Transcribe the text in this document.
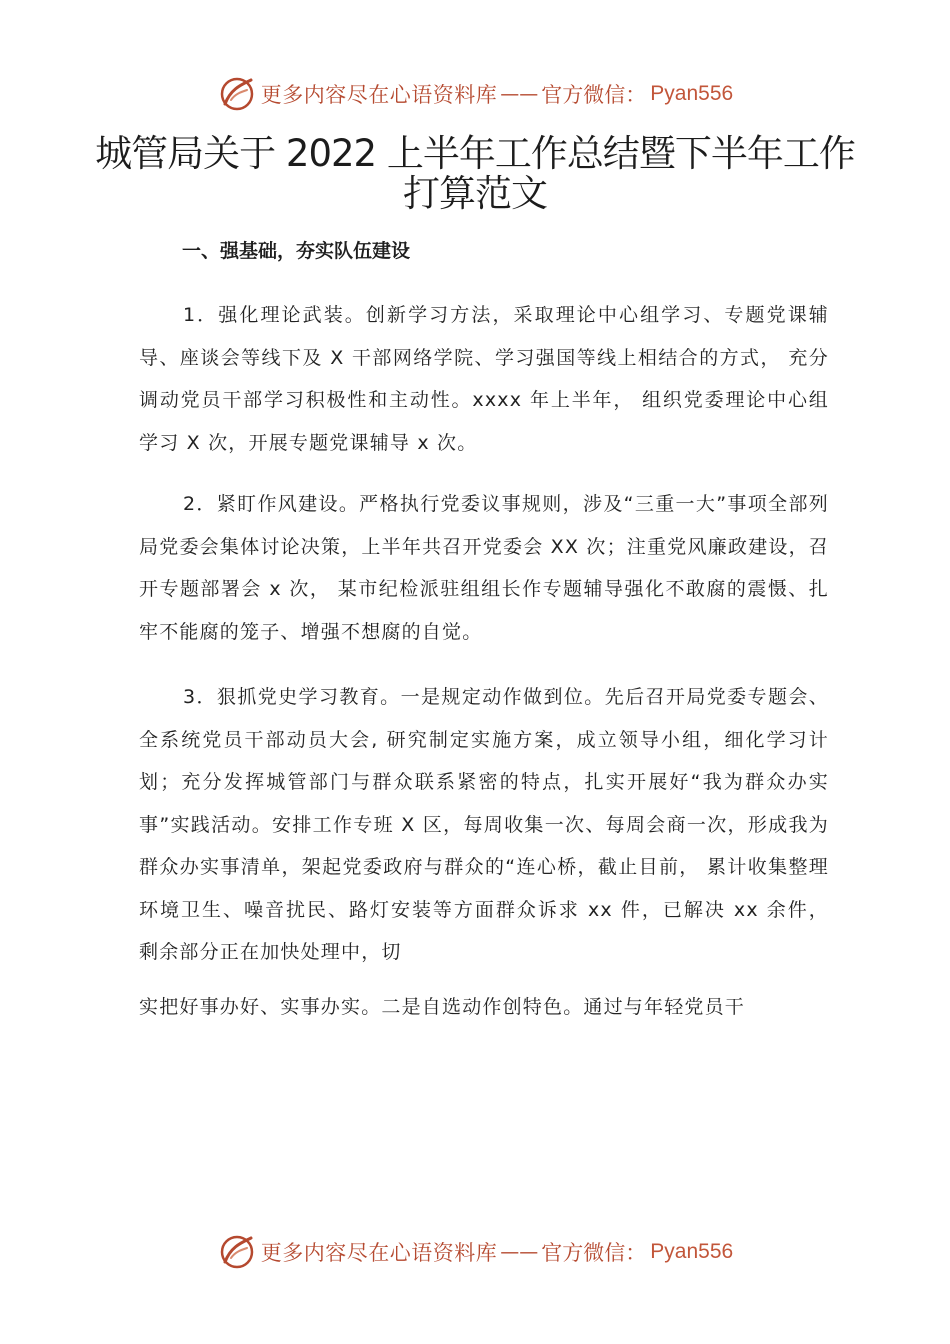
更多内容尽在心语资料库 —— 官方微信： Pyan556
城管局关于 2022 上半年工作总结暨下半年工作打算范文
一、强基础，夯实队伍建设

1．强化理论武装。创新学习方法，采取理论中心组学习、专题党课辅导、座谈会等线下及 X 干部网络学院、学习强国等线上相结合的方式， 充分调动党员干部学习积极性和主动性。xxxx 年上半年， 组织党委理论中心组学习 X 次，开展专题党课辅导 x 次。

2．紧盯作风建设。严格执行党委议事规则，涉及“三重一大”事项全部列局党委会集体讨论决策，上半年共召开党委会 XX 次；注重党风廉政建设，召开专题部署会 x 次， 某市纪检派驻组组长作专题辅导强化不敢腐的震慑、扎牢不能腐的笼子、增强不想腐的自觉。

3．狠抓党史学习教育。一是规定动作做到位。先后召开局党委专题会、全系统党员干部动员大会, 研究制定实施方案，成立领导小组，细化学习计划；充分发挥城管部门与群众联系紧密的特点，扎实开展好“我为群众办实事”实践活动。安排工作专班 X 区，每周收集一次、每周会商一次，形成我为群众办实事清单，架起党委政府与群众的“连心桥，截止目前， 累计收集整理环境卫生、噪音扰民、路灯安装等方面群众诉求 xx 件，已解决 xx 余件， 剩余部分正在加快处理中，切

实把好事办好、实事办实。二是自选动作创特色。通过与年轻党员干

更多内容尽在心语资料库 —— 官方微信： Pyan556
